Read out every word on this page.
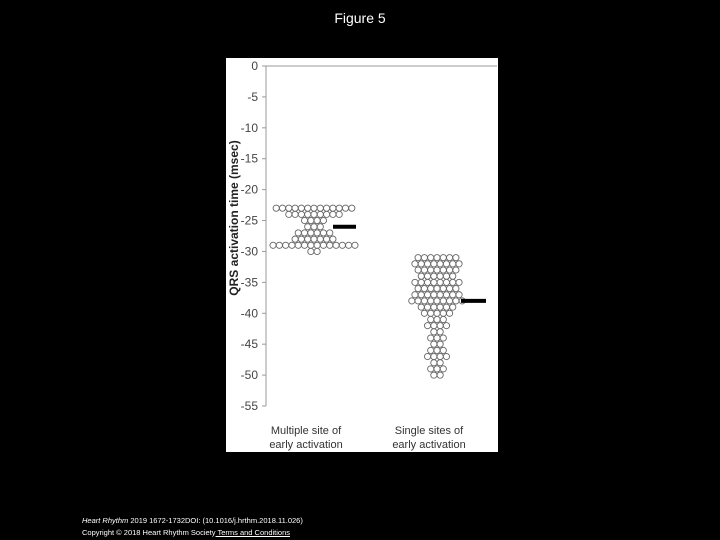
Figure 5
0
-5
-10
-15
-20
-25
-30
-35
-40
-45
-50
-55
QRS activation time (msec)
Multiple site of
early activation
Single sites of
early activation
Heart Rhythm 2019 1672-1732DOI: (10.1016/j.hrthm.2018.11.026)
Copyright © 2018 Heart Rhythm Society Terms and Conditions
